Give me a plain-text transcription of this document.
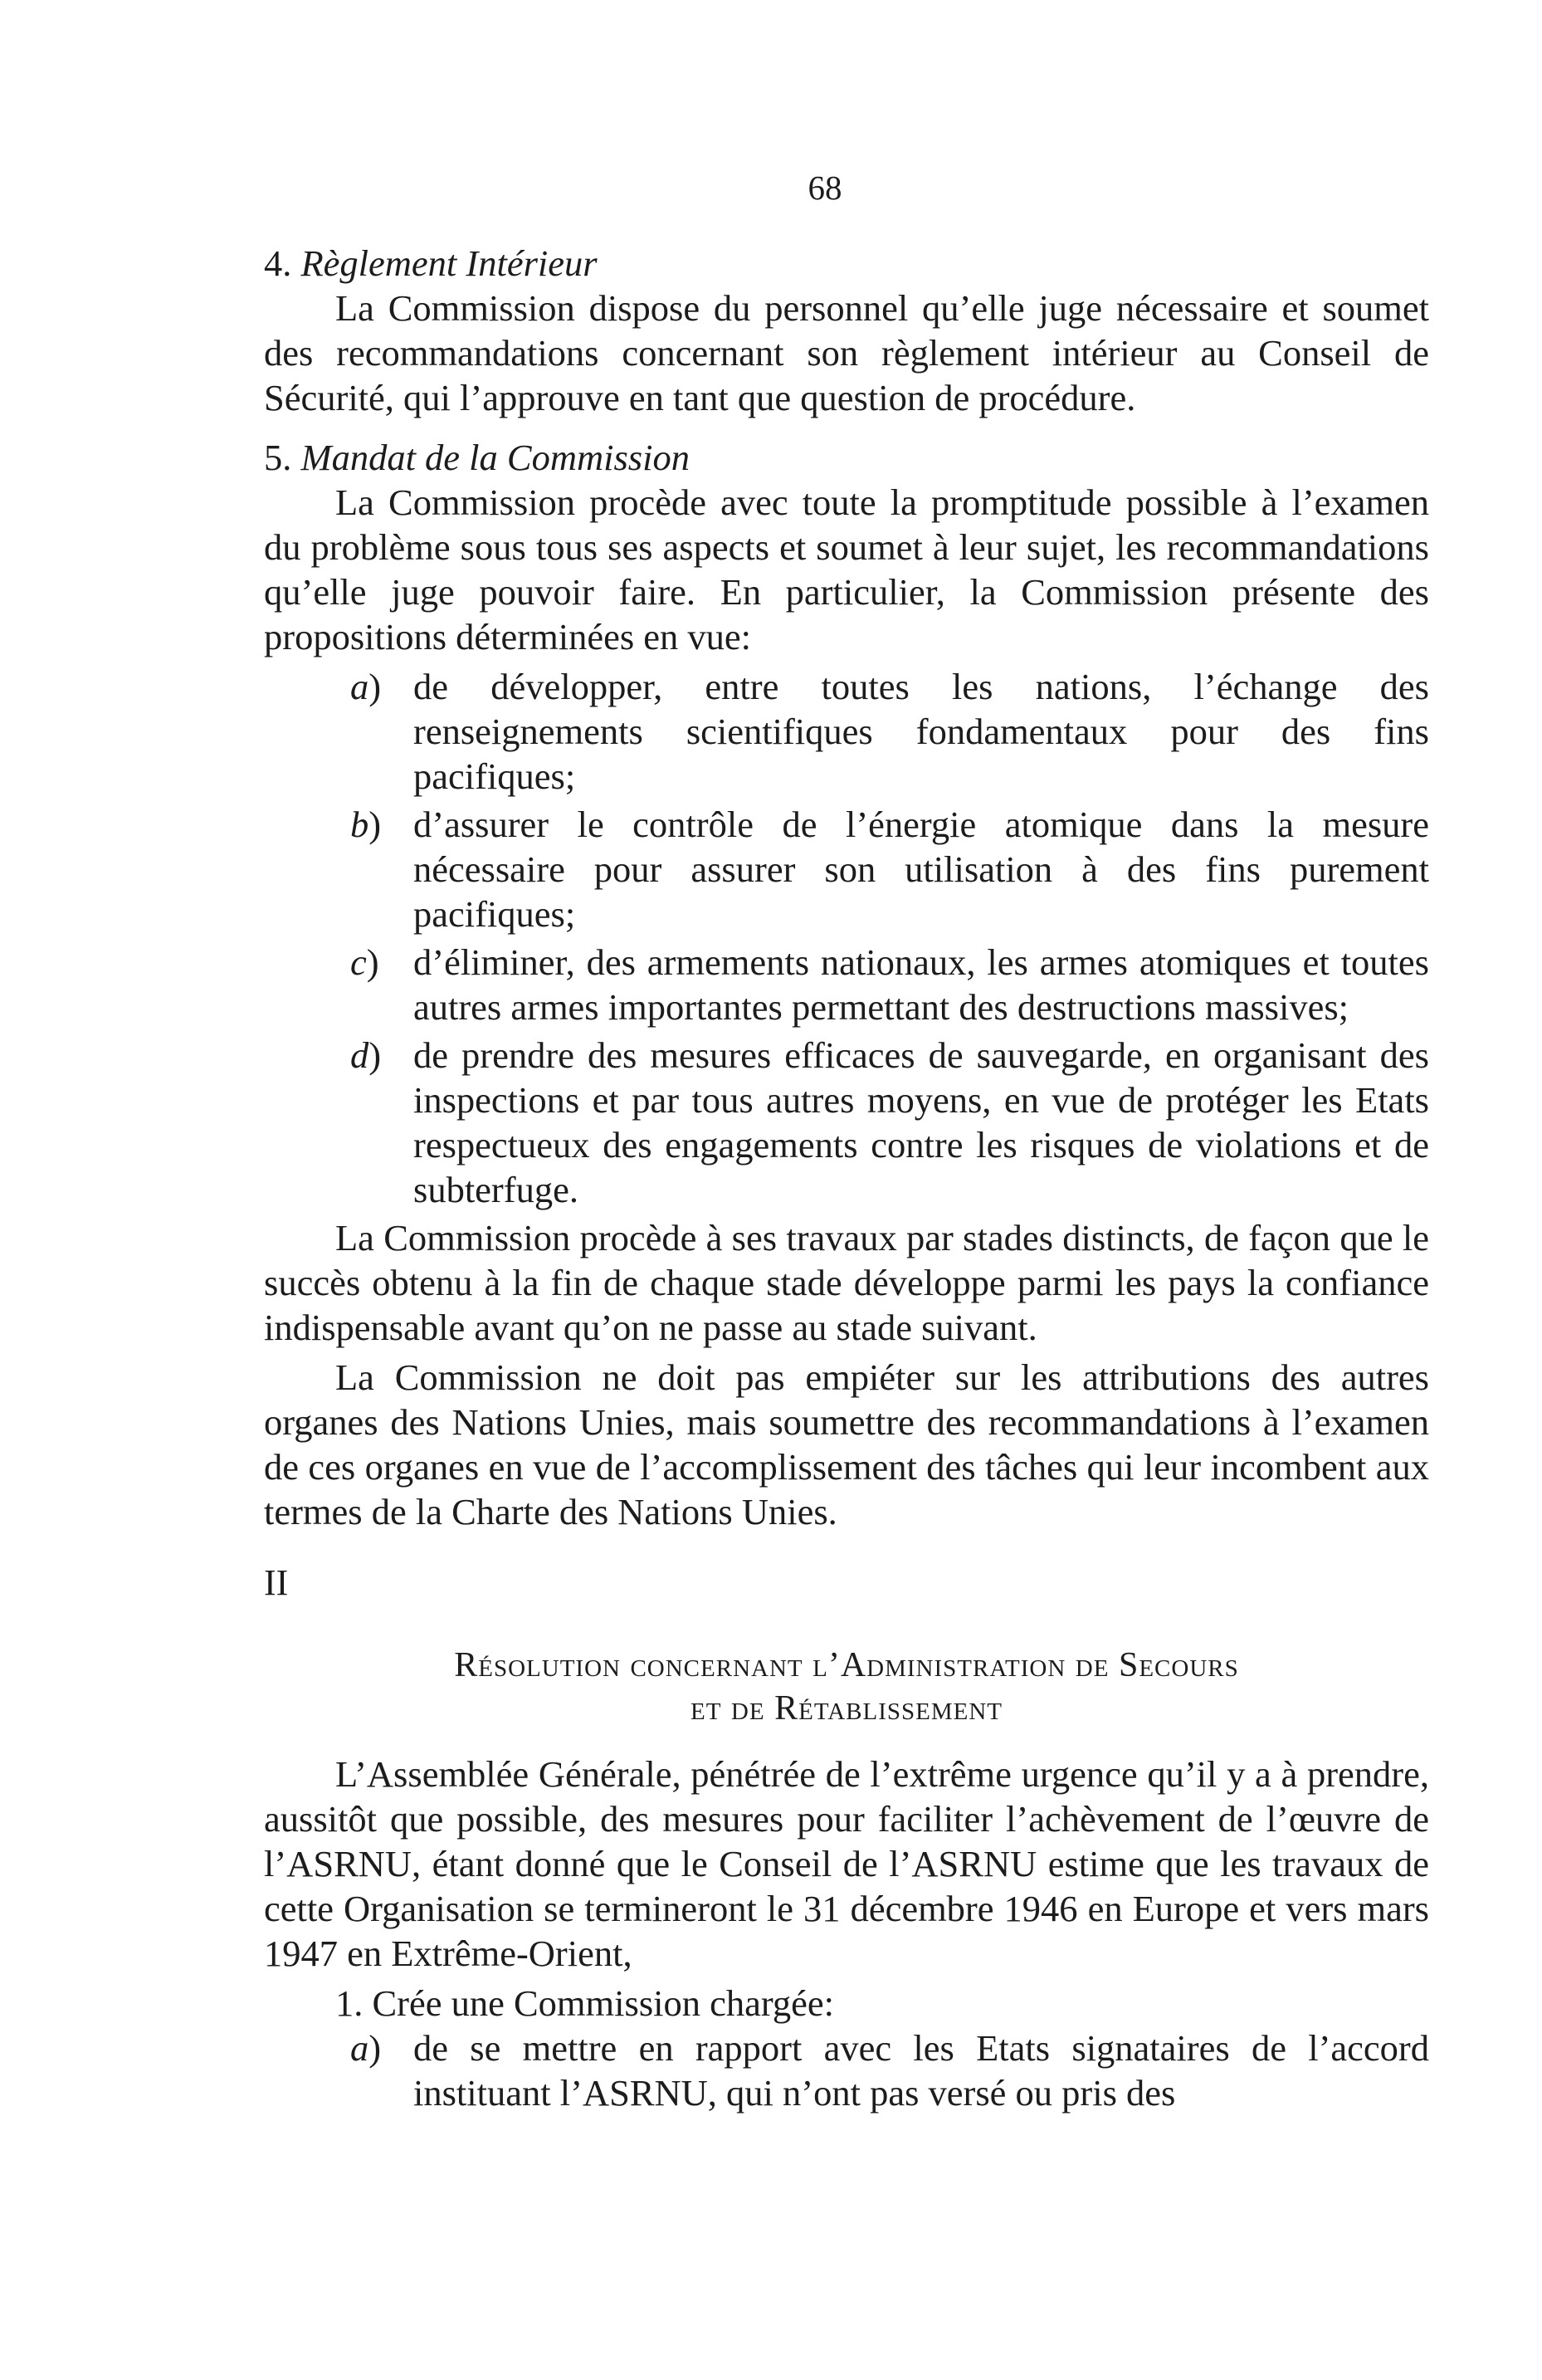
68

4. Règlement Intérieur

La Commission dispose du personnel qu’elle juge nécessaire et soumet des recommandations concernant son règlement intérieur au Conseil de Sécurité, qui l’approuve en tant que question de procédure.

5. Mandat de la Commission

La Commission procède avec toute la promptitude possible à l’examen du problème sous tous ses aspects et soumet à leur sujet, les recommandations qu’elle juge pouvoir faire. En particulier, la Commission présente des propositions déterminées en vue:

a) de développer, entre toutes les nations, l’échange des renseignements scientifiques fondamentaux pour des fins pacifiques;
b) d’assurer le contrôle de l’énergie atomique dans la mesure nécessaire pour assurer son utilisation à des fins purement pacifiques;
c) d’éliminer, des armements nationaux, les armes atomiques et toutes autres armes importantes permettant des destructions massives;
d) de prendre des mesures efficaces de sauvegarde, en organisant des inspections et par tous autres moyens, en vue de protéger les Etats respectueux des engagements contre les risques de violations et de subterfuge.

La Commission procède à ses travaux par stades distincts, de façon que le succès obtenu à la fin de chaque stade développe parmi les pays la confiance indispensable avant qu’on ne passe au stade suivant.

La Commission ne doit pas empiéter sur les attributions des autres organes des Nations Unies, mais soumettre des recommandations à l’examen de ces organes en vue de l’accomplissement des tâches qui leur incombent aux termes de la Charte des Nations Unies.

II

Résolution concernant l’Administration de Secours
et de Rétablissement

L’Assemblée Générale, pénétrée de l’extrême urgence qu’il y a à prendre, aussitôt que possible, des mesures pour faciliter l’achèvement de l’œuvre de l’ASRNU, étant donné que le Conseil de l’ASRNU estime que les travaux de cette Organisation se termineront le 31 décembre 1946 en Europe et vers mars 1947 en Extrême-Orient,

1. Crée une Commission chargée:

a) de se mettre en rapport avec les Etats signataires de l’accord instituant l’ASRNU, qui n’ont pas versé ou pris des
